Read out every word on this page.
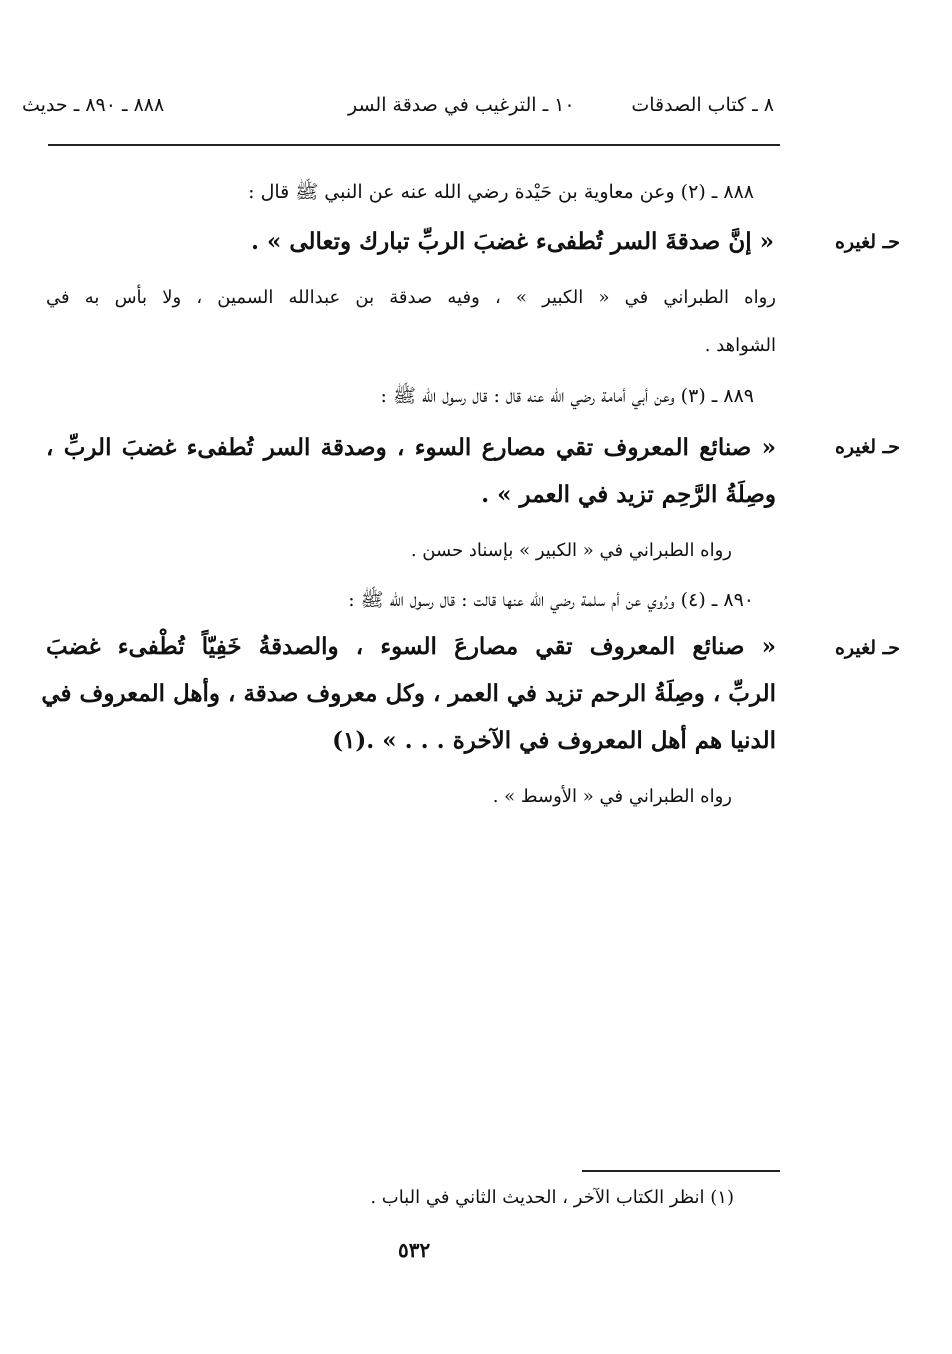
٨ ـ كتاب الصدقات
١٠ ـ الترغيب في صدقة السر
٨٨٨ ـ ٨٩٠ ـ حديث
٨٨٨ ـ (٢) وعن معاوية بن حَيْدة رضي الله عنه عن النبي ﷺ قال :
حـ لغيره
« إنَّ صدقةَ السر تُطفىء غضبَ الربِّ تبارك وتعالى » .
رواه الطبراني في « الكبير » ، وفيه صدقة بن عبدالله السمين ، ولا بأس به في
الشواهد .
٨٨٩ ـ (٣) وعن أبي أمامة رضي الله عنه قال : قال رسول الله ﷺ :
حـ لغيره
« صنائع المعروف تقي مصارع السوء ، وصدقة السر تُطفىء غضبَ الربِّ ،
وصِلَةُ الرَّحِم تزيد في العمر » .
رواه الطبراني في « الكبير » بإسناد حسن .
٨٩٠ ـ (٤) ورُوي عن أم سلمة رضي الله عنها قالت : قال رسول الله ﷺ :
حـ لغيره
« صنائع المعروف تقي مصارعَ السوء ، والصدقةُ خَفِيّاً تُطْفىء غضبَ
الربِّ ، وصِلَةُ الرحم تزيد في العمر ، وكل معروف صدقة ، وأهل المعروف في
الدنيا هم أهل المعروف في الآخرة . . . » .(١)
رواه الطبراني في « الأوسط » .
(١) انظر الكتاب الآخر ، الحديث الثاني في الباب .
٥٣٢
